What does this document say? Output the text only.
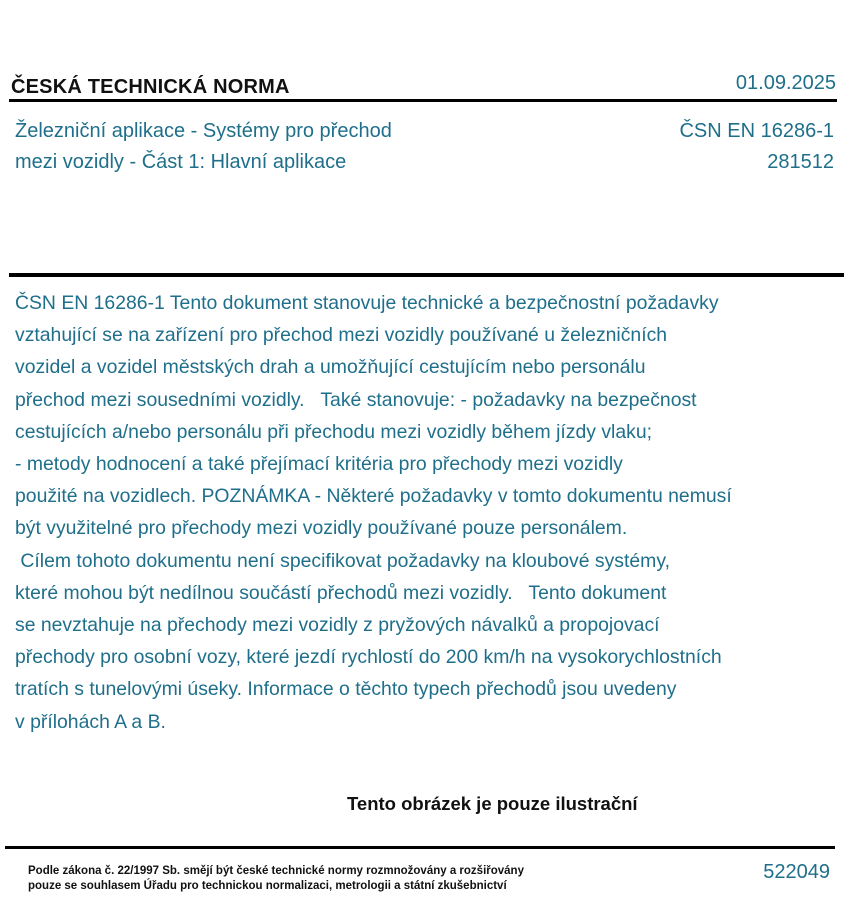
ČESKÁ TECHNICKÁ NORMA	01.09.2025
Železniční aplikace - Systémy pro přechod
mezi vozidly - Část 1: Hlavní aplikace
ČSN EN 16286-1
281512
ČSN EN 16286-1 Tento dokument stanovuje technické a bezpečnostní požadavky
vztahující se na zařízení pro přechod mezi vozidly používané u železničních
vozidel a vozidel městských drah a umožňující cestujícím nebo personálu
přechod mezi sousedními vozidly.   Také stanovuje: - požadavky na bezpečnost
cestujících a/nebo personálu při přechodu mezi vozidly během jízdy vlaku;
- metody hodnocení a také přejímací kritéria pro přechody mezi vozidly
použité na vozidlech. POZNÁMKA - Některé požadavky v tomto dokumentu nemusí
být využitelné pro přechody mezi vozidly používané pouze personálem.
Cílem tohoto dokumentu není specifikovat požadavky na kloubové systémy,
které mohou být nedílnou součástí přechodů mezi vozidly.   Tento dokument
se nevztahuje na přechody mezi vozidly z pryžových návalků a propojovací
přechody pro osobní vozy, které jezdí rychlostí do 200 km/h na vysokorychlostních
tratích s tunelovými úseky. Informace o těchto typech přechodů jsou uvedeny
v přílohách A a B.
Tento obrázek je pouze ilustrační
Podle zákona č. 22/1997 Sb. smějí být české technické normy rozmnožovány a rozšiřovány
pouze se souhlasem Úřadu pro technickou normalizaci, metrologii a státní zkušebnictví
522049
